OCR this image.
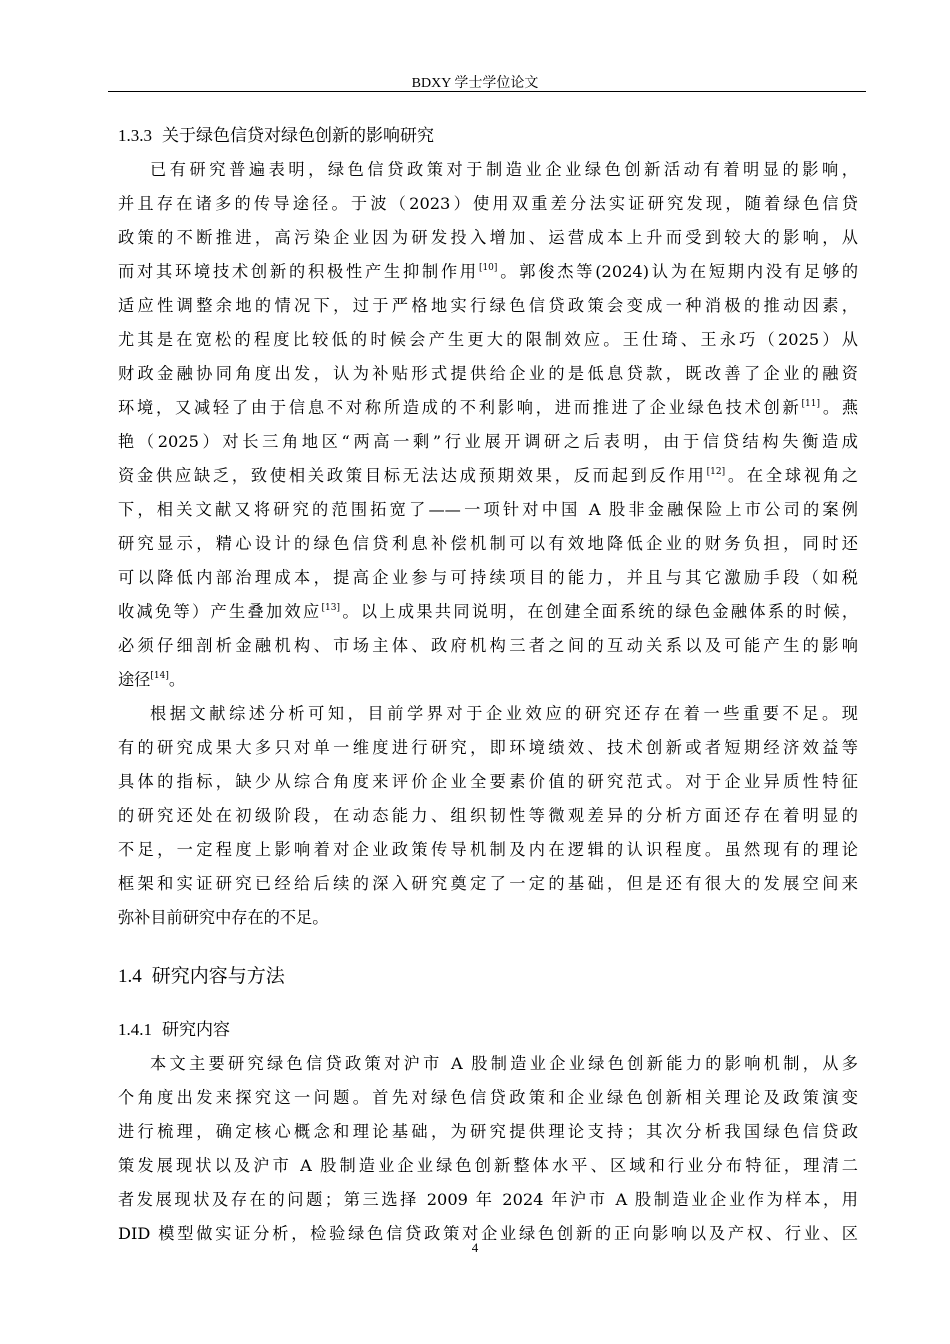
BDXY 学士学位论文
1.3.3 关于绿色信贷对绿色创新的影响研究
已有研究普遍表明，绿色信贷政策对于制造业企业绿色创新活动有着明显的影响，
并且存在诸多的传导途径。于波（2023）使用双重差分法实证研究发现，随着绿色信贷
政策的不断推进，高污染企业因为研发投入增加、运营成本上升而受到较大的影响，从
而对其环境技术创新的积极性产生抑制作用[10]。郭俊杰等(2024)认为在短期内没有足够的
适应性调整余地的情况下，过于严格地实行绿色信贷政策会变成一种消极的推动因素，
尤其是在宽松的程度比较低的时候会产生更大的限制效应。王仕琦、王永巧（2025）从
财政金融协同角度出发，认为补贴形式提供给企业的是低息贷款，既改善了企业的融资
环境，又减轻了由于信息不对称所造成的不利影响，进而推进了企业绿色技术创新[11]。燕
艳（2025）对长三角地区“两高一剩”行业展开调研之后表明，由于信贷结构失衡造成
资金供应缺乏，致使相关政策目标无法达成预期效果，反而起到反作用[12]。在全球视角之
下，相关文献又将研究的范围拓宽了——一项针对中国 A 股非金融保险上市公司的案例
研究显示，精心设计的绿色信贷利息补偿机制可以有效地降低企业的财务负担，同时还
可以降低内部治理成本，提高企业参与可持续项目的能力，并且与其它激励手段（如税
收减免等）产生叠加效应[13]。以上成果共同说明，在创建全面系统的绿色金融体系的时候，
必须仔细剖析金融机构、市场主体、政府机构三者之间的互动关系以及可能产生的影响
途径[14]。
根据文献综述分析可知，目前学界对于企业效应的研究还存在着一些重要不足。现
有的研究成果大多只对单一维度进行研究，即环境绩效、技术创新或者短期经济效益等
具体的指标，缺少从综合角度来评价企业全要素价值的研究范式。对于企业异质性特征
的研究还处在初级阶段，在动态能力、组织韧性等微观差异的分析方面还存在着明显的
不足，一定程度上影响着对企业政策传导机制及内在逻辑的认识程度。虽然现有的理论
框架和实证研究已经给后续的深入研究奠定了一定的基础，但是还有很大的发展空间来
弥补目前研究中存在的不足。
1.4 研究内容与方法
1.4.1 研究内容
本文主要研究绿色信贷政策对沪市 A 股制造业企业绿色创新能力的影响机制，从多
个角度出发来探究这一问题。首先对绿色信贷政策和企业绿色创新相关理论及政策演变
进行梳理，确定核心概念和理论基础，为研究提供理论支持；其次分析我国绿色信贷政
策发展现状以及沪市 A 股制造业企业绿色创新整体水平、区域和行业分布特征，理清二
者发展现状及存在的问题；第三选择 2009 年 2024 年沪市 A 股制造业企业作为样本，用
DID 模型做实证分析，检验绿色信贷政策对企业绿色创新的正向影响以及产权、行业、区
4
